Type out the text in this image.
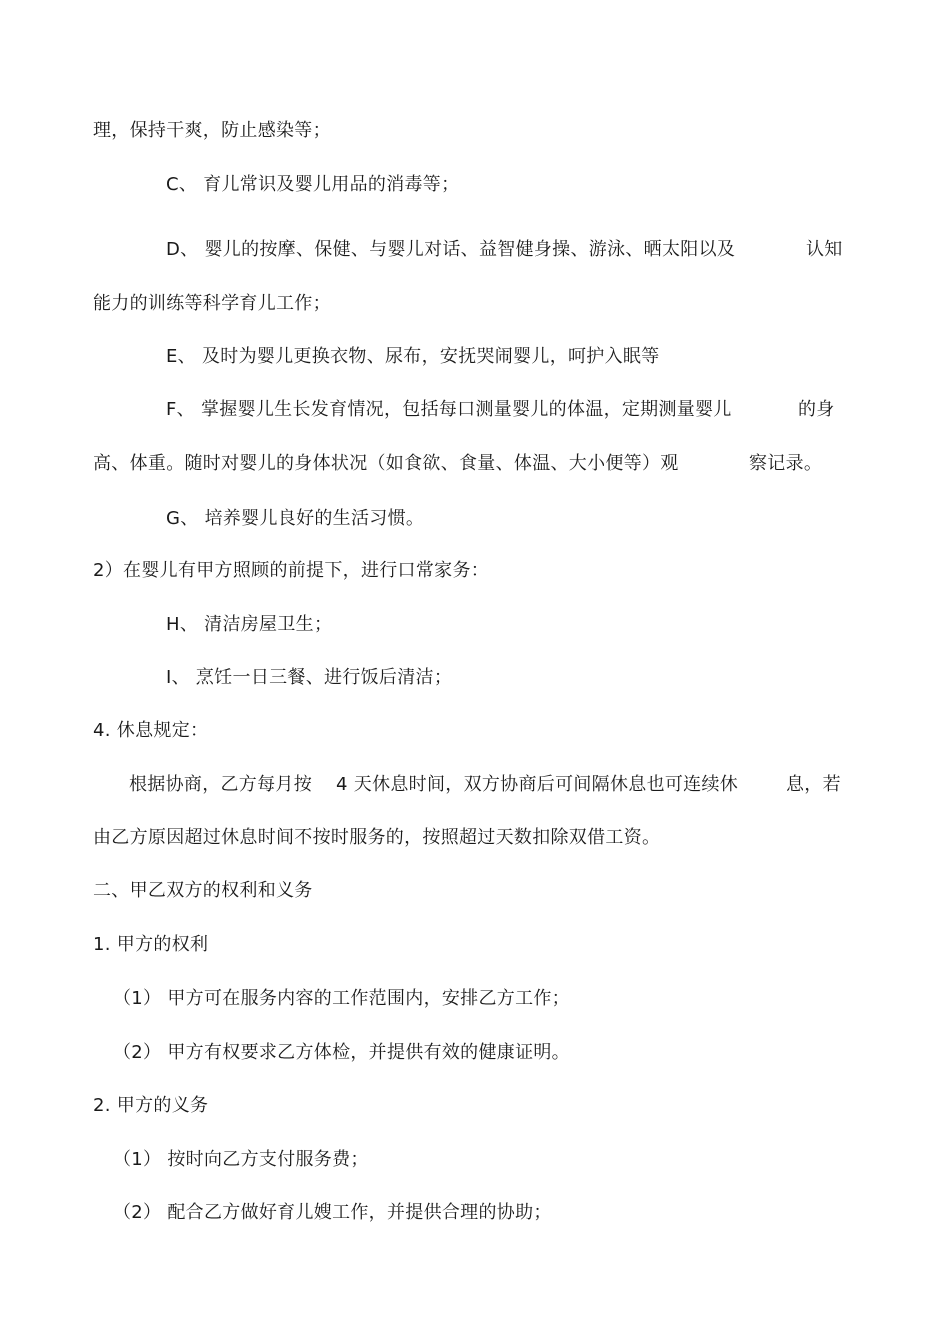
理，保持干爽，防止感染等；
C、 育儿常识及婴儿用品的消毒等；
D、 婴儿的按摩、保健、与婴儿对话、益智健身操、游泳、晒太阳以及	认知
能力的训练等科学育儿工作；
E、 及时为婴儿更换衣物、尿布，安抚哭闹婴儿，呵护入眠等
F、 掌握婴儿生长发育情况，包括每口测量婴儿的体温，定期测量婴儿	的身
高、体重。随时对婴儿的身体状况（如食欲、食量、体温、大小便等）观	察记录。
G、 培养婴儿良好的生活习惯。
2）在婴儿有甲方照顾的前提下，进行口常家务：
H、 清洁房屋卫生；
I、 烹饪一日三餐、进行饭后清洁；
4. 休息规定：
根据协商，乙方每月按 4 天休息时间，双方协商后可间隔休息也可连续休	息，若
由乙方原因超过休息时间不按时服务的，按照超过天数扣除双借工资。
二、甲乙双方的权利和义务
1. 甲方的权利
（1） 甲方可在服务内容的工作范围内，安排乙方工作；
（2） 甲方有权要求乙方体检，并提供有效的健康证明。
2. 甲方的义务
（1） 按时向乙方支付服务费；
（2） 配合乙方做好育儿嫂工作，并提供合理的协助；
